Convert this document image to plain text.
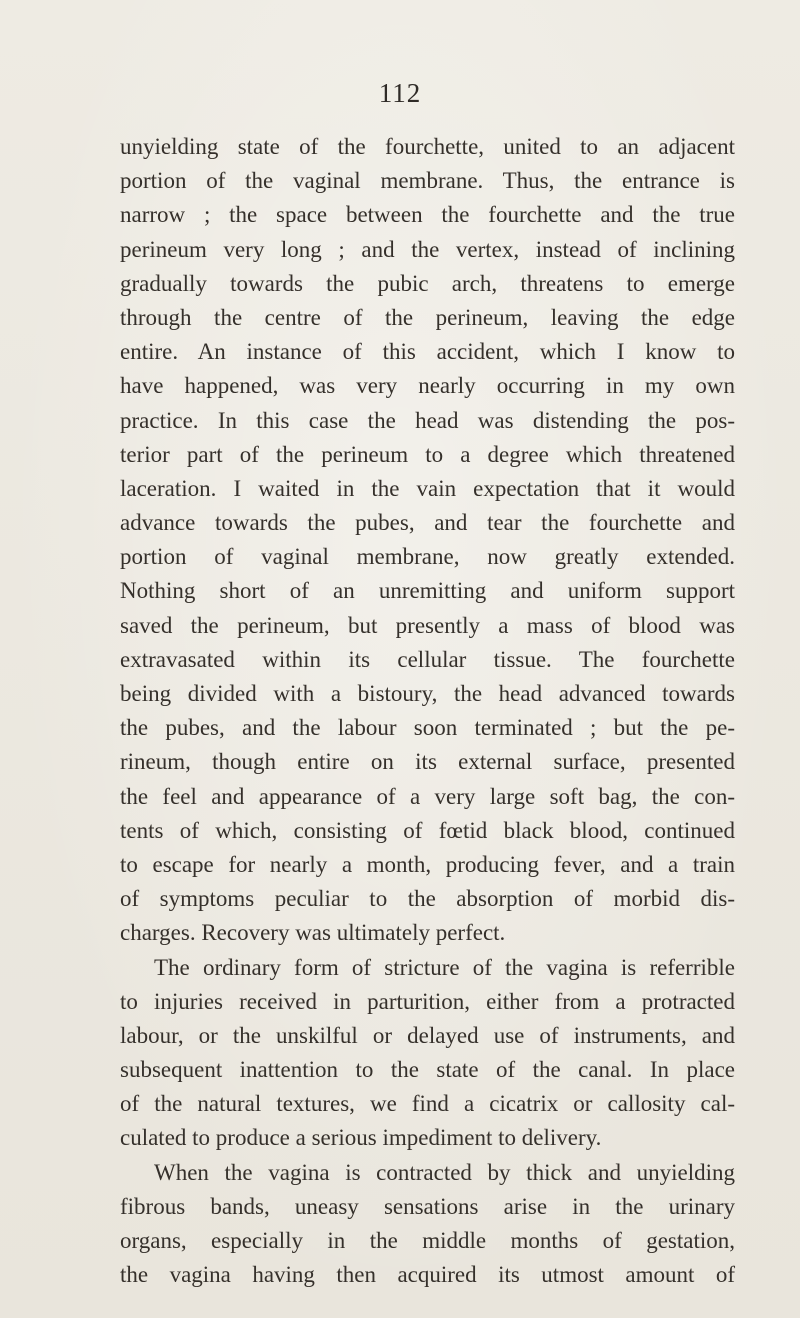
112
unyielding state of the fourchette, united to an adjacent
portion of the vaginal membrane. Thus, the entrance is
narrow ; the space between the fourchette and the true
perineum very long ; and the vertex, instead of inclining
gradually towards the pubic arch, threatens to emerge
through the centre of the perineum, leaving the edge
entire. An instance of this accident, which I know to
have happened, was very nearly occurring in my own
practice. In this case the head was distending the pos-
terior part of the perineum to a degree which threatened
laceration. I waited in the vain expectation that it would
advance towards the pubes, and tear the fourchette and
portion of vaginal membrane, now greatly extended.
Nothing short of an unremitting and uniform support
saved the perineum, but presently a mass of blood was
extravasated within its cellular tissue. The fourchette
being divided with a bistoury, the head advanced towards
the pubes, and the labour soon terminated ; but the pe-
rineum, though entire on its external surface, presented
the feel and appearance of a very large soft bag, the con-
tents of which, consisting of fœtid black blood, continued
to escape for nearly a month, producing fever, and a train
of symptoms peculiar to the absorption of morbid dis-
charges. Recovery was ultimately perfect.
The ordinary form of stricture of the vagina is referrible
to injuries received in parturition, either from a protracted
labour, or the unskilful or delayed use of instruments, and
subsequent inattention to the state of the canal. In place
of the natural textures, we find a cicatrix or callosity cal-
culated to produce a serious impediment to delivery.
When the vagina is contracted by thick and unyielding
fibrous bands, uneasy sensations arise in the urinary
organs, especially in the middle months of gestation,
the vagina having then acquired its utmost amount of
